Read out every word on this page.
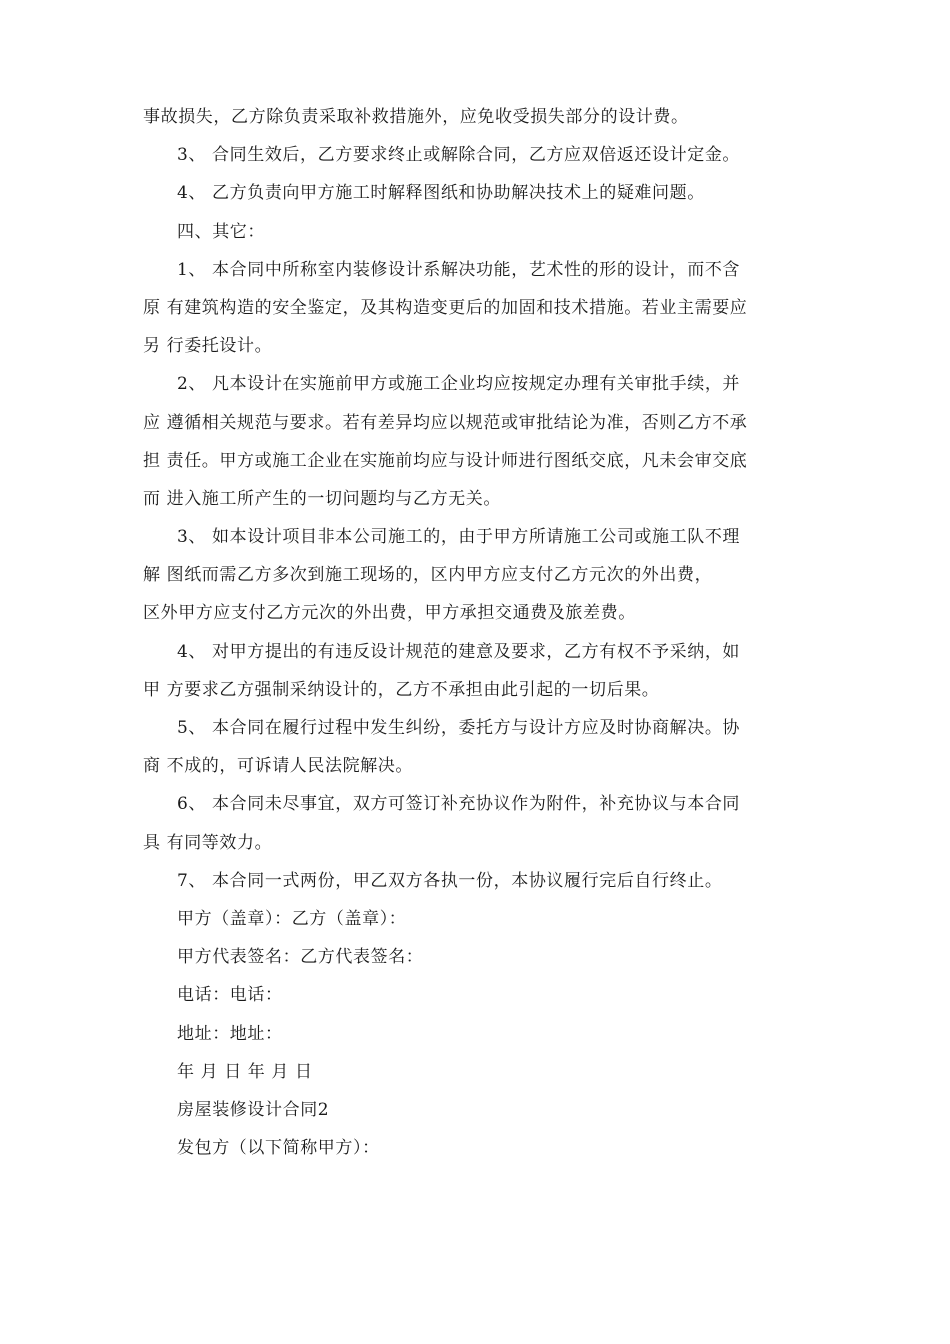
事故损失，乙方除负责采取补救措施外，应免收受损失部分的设计费。
3、 合同生效后，乙方要求终止或解除合同，乙方应双倍返还设计定金。
4、 乙方负责向甲方施工时解释图纸和协助解决技术上的疑难问题。
四、其它：
1、 本合同中所称室内装修设计系解决功能，艺术性的形的设计，而不含
原 有建筑构造的安全鉴定，及其构造变更后的加固和技术措施。若业主需要应
另 行委托设计。
2、 凡本设计在实施前甲方或施工企业均应按规定办理有关审批手续，并
应 遵循相关规范与要求。若有差异均应以规范或审批结论为准，否则乙方不承
担 责任。甲方或施工企业在实施前均应与设计师进行图纸交底，凡未会审交底
而 进入施工所产生的一切问题均与乙方无关。
3、 如本设计项目非本公司施工的，由于甲方所请施工公司或施工队不理
解 图纸而需乙方多次到施工现场的，区内甲方应支付乙方元次的外出费，
区外甲方应支付乙方元次的外出费，甲方承担交通费及旅差费。
4、 对甲方提出的有违反设计规范的建意及要求，乙方有权不予采纳，如
甲 方要求乙方强制采纳设计的，乙方不承担由此引起的一切后果。
5、 本合同在履行过程中发生纠纷，委托方与设计方应及时协商解决。协
商 不成的，可诉请人民法院解决。
6、 本合同未尽事宜，双方可签订补充协议作为附件，补充协议与本合同
具 有同等效力。
7、 本合同一式两份，甲乙双方各执一份，本协议履行完后自行终止。
甲方（盖章）：乙方（盖章）：
甲方代表签名：乙方代表签名：
电话：电话：
地址：地址：
年 月 日 年 月 日
房屋装修设计合同2
发包方（以下简称甲方）：
